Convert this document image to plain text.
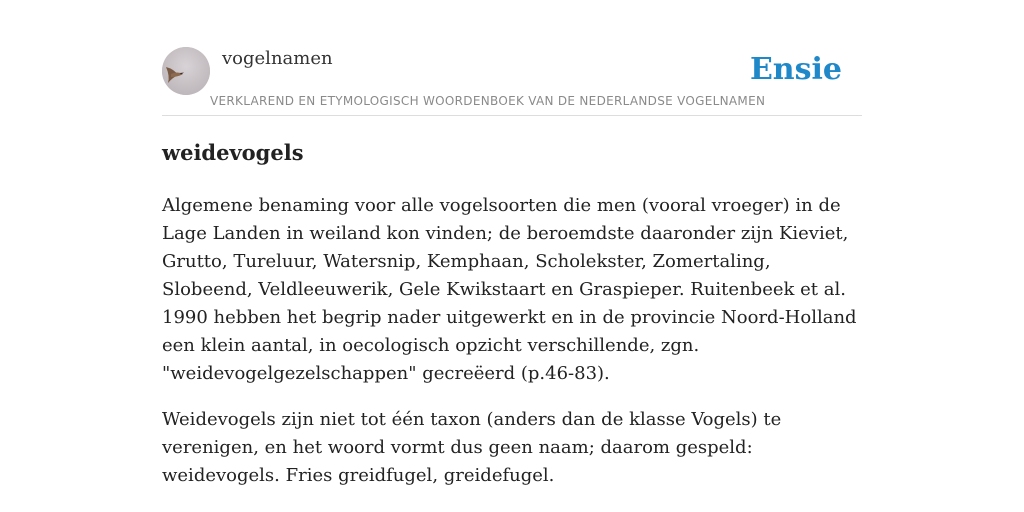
vogelnamen	Ensie
VERKLAREND EN ETYMOLOGISCH WOORDENBOEK VAN DE NEDERLANDSE VOGELNAMEN
weidevogels

Algemene benaming voor alle vogelsoorten die men (vooral vroeger) in de Lage Landen in weiland kon vinden; de beroemdste daaronder zijn Kieviet, Grutto, Tureluur, Watersnip, Kemphaan, Scholekster, Zomertaling, Slobeend, Veldleeuwerik, Gele Kwikstaart en Graspieper. Ruitenbeek et al. 1990 hebben het begrip nader uitgewerkt en in de provincie Noord-Holland een klein aantal, in oecologisch opzicht verschillende, zgn. "weidevogelgezelschappen" gecreëerd (p.46-83).

Weidevogels zijn niet tot één taxon (anders dan de klasse Vogels) te verenigen, en het woord vormt dus geen naam; daarom gespeld: weidevogels. Fries greidfugel, greidefugel.
